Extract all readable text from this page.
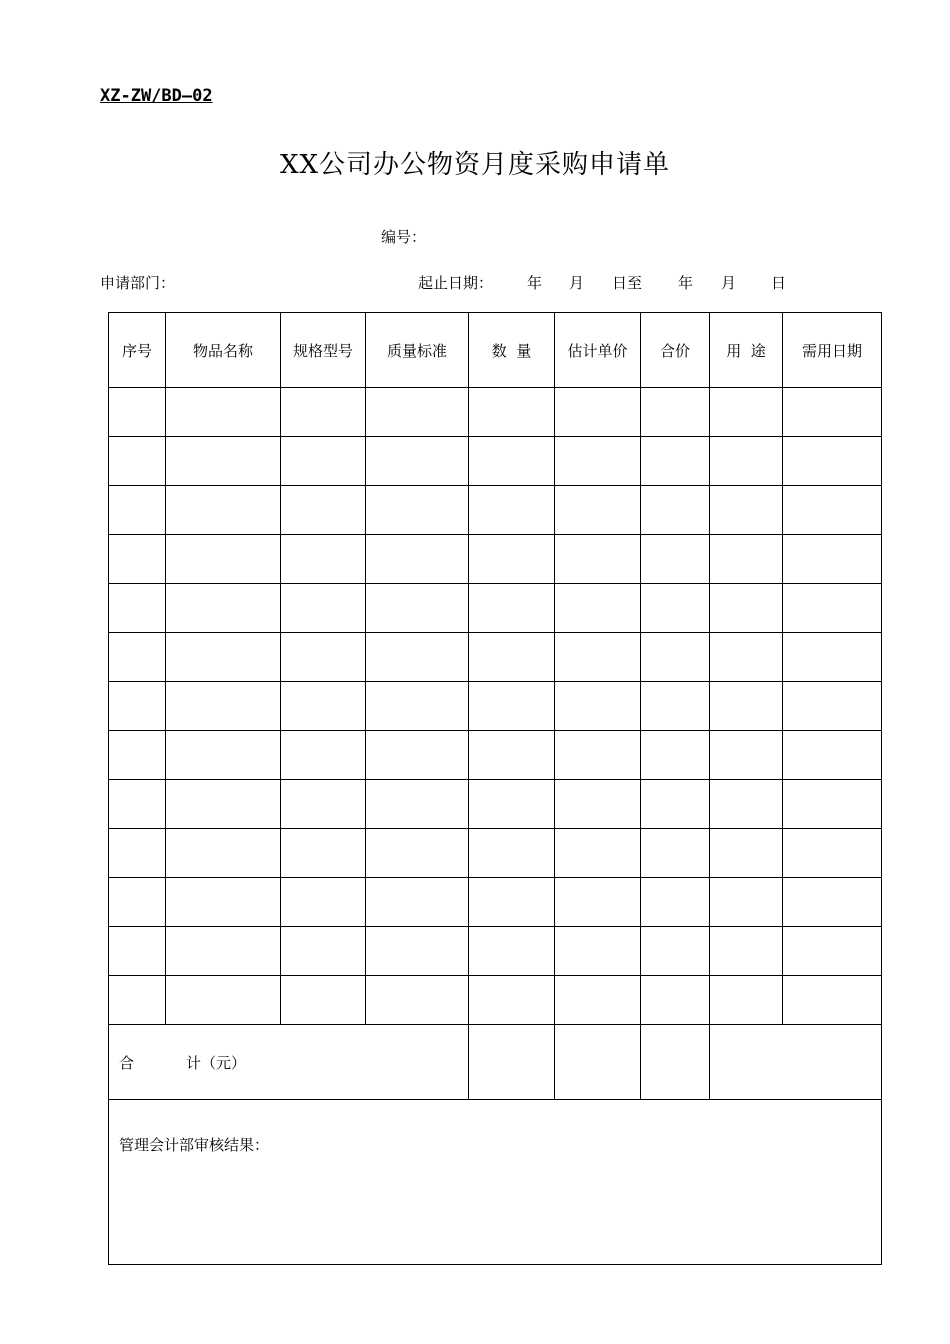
XZ-ZW/BD—02
XX公司办公物资月度采购申请单
编号：
申请部门：	起止日期： 年 月 日至 年 月 日
序号	物品名称	规格型号	质量标准	数  量	估计单价	合价	用  途	需用日期

合 计（元）								
管理会计部审核结果：								
